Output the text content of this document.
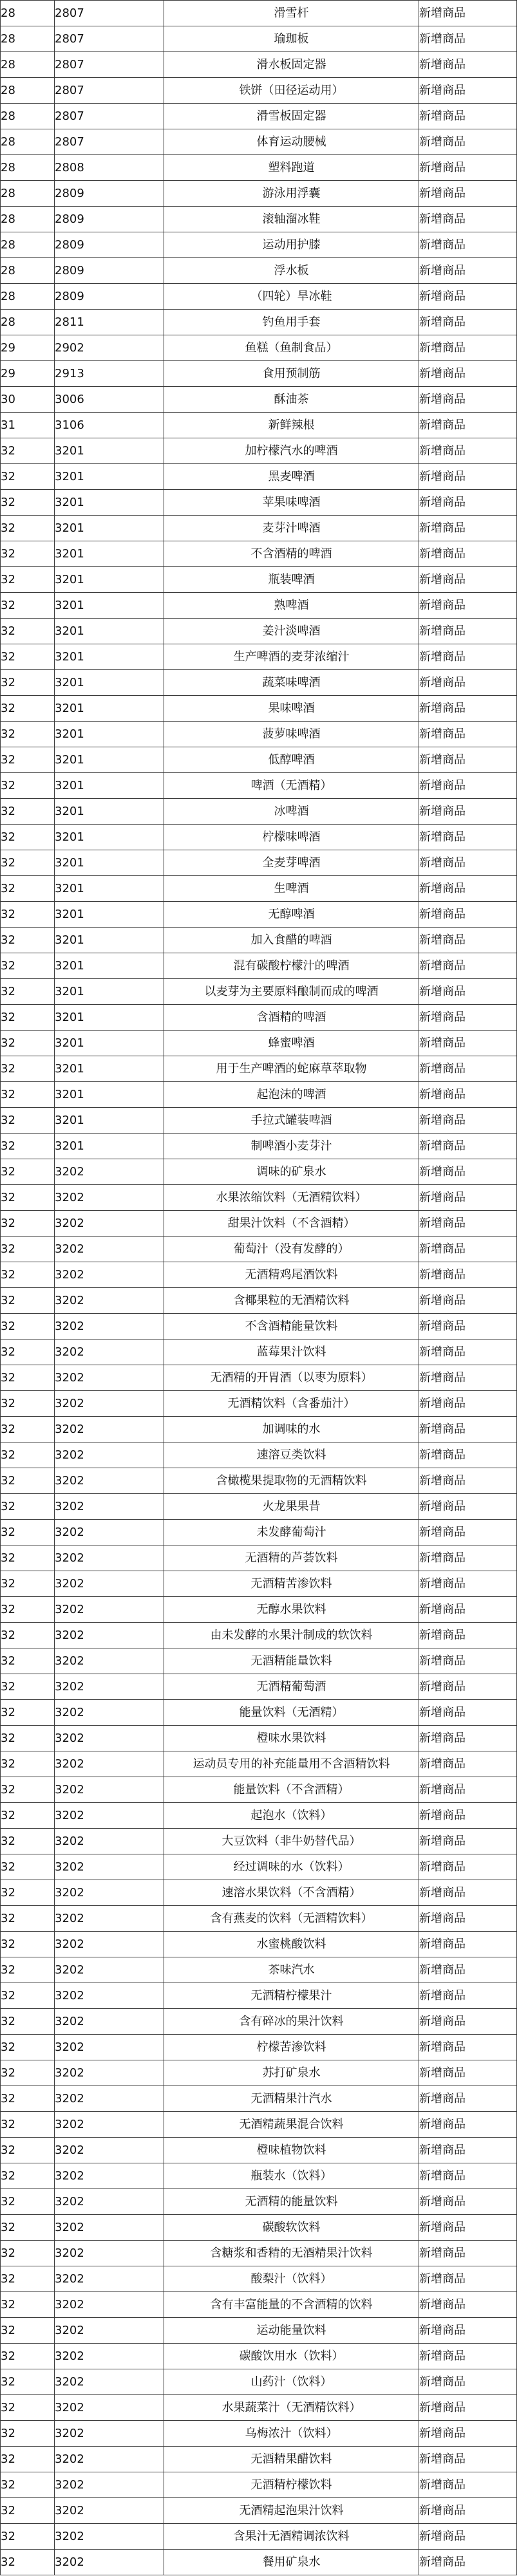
28	2807	滑雪杆	新增商品
28	2807	瑜珈板	新增商品
28	2807	滑水板固定器	新增商品
28	2807	铁饼（田径运动用）	新增商品
28	2807	滑雪板固定器	新增商品
28	2807	体育运动腰械	新增商品
28	2808	塑料跑道	新增商品
28	2809	游泳用浮囊	新增商品
28	2809	滚轴溜冰鞋	新增商品
28	2809	运动用护膝	新增商品
28	2809	浮水板	新增商品
28	2809	（四轮）旱冰鞋	新增商品
28	2811	钓鱼用手套	新增商品
29	2902	鱼糕（鱼制食品）	新增商品
29	2913	食用预制筋	新增商品
30	3006	酥油茶	新增商品
31	3106	新鲜辣根	新增商品
32	3201	加柠檬汽水的啤酒	新增商品
32	3201	黑麦啤酒	新增商品
32	3201	苹果味啤酒	新增商品
32	3201	麦芽汁啤酒	新增商品
32	3201	不含酒精的啤酒	新增商品
32	3201	瓶装啤酒	新增商品
32	3201	熟啤酒	新增商品
32	3201	姜汁淡啤酒	新增商品
32	3201	生产啤酒的麦芽浓缩汁	新增商品
32	3201	蔬菜味啤酒	新增商品
32	3201	果味啤酒	新增商品
32	3201	菠萝味啤酒	新增商品
32	3201	低醇啤酒	新增商品
32	3201	啤酒（无酒精）	新增商品
32	3201	冰啤酒	新增商品
32	3201	柠檬味啤酒	新增商品
32	3201	全麦芽啤酒	新增商品
32	3201	生啤酒	新增商品
32	3201	无醇啤酒	新增商品
32	3201	加入食醋的啤酒	新增商品
32	3201	混有碳酸柠檬汁的啤酒	新增商品
32	3201	以麦芽为主要原料酿制而成的啤酒	新增商品
32	3201	含酒精的啤酒	新增商品
32	3201	蜂蜜啤酒	新增商品
32	3201	用于生产啤酒的蛇麻草萃取物	新增商品
32	3201	起泡沫的啤酒	新增商品
32	3201	手拉式罐装啤酒	新增商品
32	3201	制啤酒小麦芽汁	新增商品
32	3202	调味的矿泉水	新增商品
32	3202	水果浓缩饮料（无酒精饮料）	新增商品
32	3202	甜果汁饮料（不含酒精）	新增商品
32	3202	葡萄汁（没有发酵的）	新增商品
32	3202	无酒精鸡尾酒饮料	新增商品
32	3202	含椰果粒的无酒精饮料	新增商品
32	3202	不含酒精能量饮料	新增商品
32	3202	蓝莓果汁饮料	新增商品
32	3202	无酒精的开胃酒（以枣为原料）	新增商品
32	3202	无酒精饮料（含番茄汁）	新增商品
32	3202	加调味的水	新增商品
32	3202	速溶豆类饮料	新增商品
32	3202	含橄榄果提取物的无酒精饮料	新增商品
32	3202	火龙果果昔	新增商品
32	3202	未发酵葡萄汁	新增商品
32	3202	无酒精的芦荟饮料	新增商品
32	3202	无酒精苦渗饮料	新增商品
32	3202	无醇水果饮料	新增商品
32	3202	由未发酵的水果汁制成的软饮料	新增商品
32	3202	无酒精能量饮料	新增商品
32	3202	无酒精葡萄酒	新增商品
32	3202	能量饮料（无酒精）	新增商品
32	3202	橙味水果饮料	新增商品
32	3202	运动员专用的补充能量用不含酒精饮料	新增商品
32	3202	能量饮料（不含酒精）	新增商品
32	3202	起泡水（饮料）	新增商品
32	3202	大豆饮料（非牛奶替代品）	新增商品
32	3202	经过调味的水（饮料）	新增商品
32	3202	速溶水果饮料（不含酒精）	新增商品
32	3202	含有燕麦的饮料（无酒精饮料）	新增商品
32	3202	水蜜桃酸饮料	新增商品
32	3202	茶味汽水	新增商品
32	3202	无酒精柠檬果汁	新增商品
32	3202	含有碎冰的果汁饮料	新增商品
32	3202	柠檬苦渗饮料	新增商品
32	3202	苏打矿泉水	新增商品
32	3202	无酒精果汁汽水	新增商品
32	3202	无酒精蔬果混合饮料	新增商品
32	3202	橙味植物饮料	新增商品
32	3202	瓶装水（饮料）	新增商品
32	3202	无酒精的能量饮料	新增商品
32	3202	碳酸软饮料	新增商品
32	3202	含糖浆和香精的无酒精果汁饮料	新增商品
32	3202	酸梨汁（饮料）	新增商品
32	3202	含有丰富能量的不含酒精的饮料	新增商品
32	3202	运动能量饮料	新增商品
32	3202	碳酸饮用水（饮料）	新增商品
32	3202	山药汁（饮料）	新增商品
32	3202	水果蔬菜汁（无酒精饮料）	新增商品
32	3202	乌梅浓汁（饮料）	新增商品
32	3202	无酒精果醋饮料	新增商品
32	3202	无酒精柠檬饮料	新增商品
32	3202	无酒精起泡果汁饮料	新增商品
32	3202	含果汁无酒精调浓饮料	新增商品
32	3202	餐用矿泉水	新增商品
